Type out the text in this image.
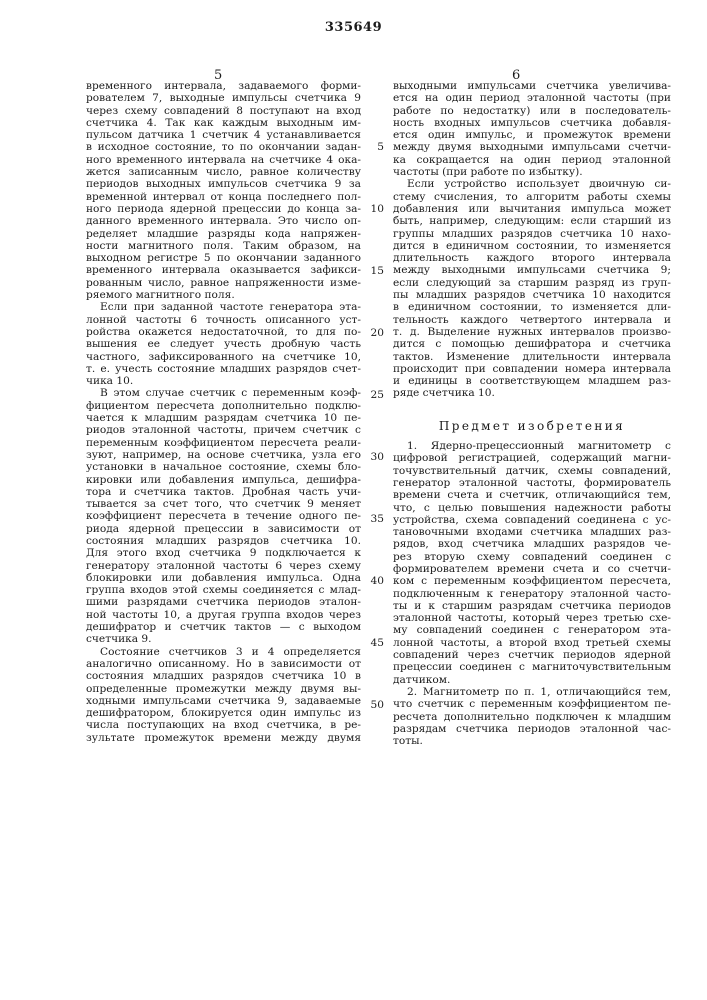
335649
5	6
временного интервала, задаваемого форми-
рователем 7, выходные импульсы счетчика 9
через схему совпадений 8 поступают на вход
счетчика 4. Так как каждым выходным им-
пульсом датчика 1 счетчик 4 устанавливается
в исходное состояние, то по окончании задан-
ного временного интервала на счетчике 4 ока-
жется записанным число, равное количеству
периодов выходных импульсов счетчика 9 за
временной интервал от конца последнего пол-
ного периода ядерной прецессии до конца за-
данного временного интервала. Это число оп-
ределяет младшие разряды кода напряжен-
ности магнитного поля. Таким образом, на
выходном регистре 5 по окончании заданного
временного интервала оказывается зафикси-
рованным число, равное напряженности изме-
ряемого магнитного поля.
Если при заданной частоте генератора эта-
лонной частоты 6 точность описанного уст-
ройства окажется недостаточной, то для по-
вышения ее следует учесть дробную часть
частного, зафиксированного на счетчике 10,
т. е. учесть состояние младших разрядов счет-
чика 10.
В этом случае счетчик с переменным коэф-
фициентом пересчета дополнительно подклю-
чается к младшим разрядам счетчика 10 пе-
риодов эталонной частоты, причем счетчик с
переменным коэффициентом пересчета реали-
зуют, например, на основе счетчика, узла его
установки в начальное состояние, схемы бло-
кировки или добавления импульса, дешифра-
тора и счетчика тактов. Дробная часть учи-
тывается за счет того, что счетчик 9 меняет
коэффициент пересчета в течение одного пе-
риода ядерной прецессии в зависимости от
состояния младших разрядов счетчика 10.
Для этого вход счетчика 9 подключается к
генератору эталонной частоты 6 через схему
блокировки или добавления импульса. Одна
группа входов этой схемы соединяется с млад-
шими разрядами счетчика периодов эталон-
ной частоты 10, а другая группа входов через
дешифратор и счетчик тактов — с выходом
счетчика 9.
Состояние счетчиков 3 и 4 определяется
аналогично описанному. Но в зависимости от
состояния младших разрядов счетчика 10 в
определенные промежутки между двумя вы-
ходными импульсами счетчика 9, задаваемые
дешифратором, блокируется один импульс из
числа поступающих на вход счетчика, в ре-
зультате промежуток времени между двумя
выходными импульсами счетчика увеличива-
ется на один период эталонной частоты (при
работе по недостатку) или в последователь-
ность входных импульсов счетчика добавля-
ется один импульс, и промежуток времени
между двумя выходными импульсами счетчи-
ка сокращается на один период эталонной
частоты (при работе по избытку).
Если устройство использует двоичную си-
стему счисления, то алгоритм работы схемы
добавления или вычитания импульса может
быть, например, следующим: если старший из
группы младших разрядов счетчика 10 нахо-
дится в единичном состоянии, то изменяется
длительность каждого второго интервала
между выходными импульсами счетчика 9;
если следующий за старшим разряд из груп-
пы младших разрядов счетчика 10 находится
в единичном состоянии, то изменяется дли-
тельность каждого четвертого интервала и
т. д. Выделение нужных интервалов произво-
дится с помощью дешифратора и счетчика
тактов. Изменение длительности интервала
происходит при совпадении номера интервала
и единицы в соответствующем младшем раз-
ряде счетчика 10.
Предмет изобретения
1. Ядерно-прецессионный магнитометр с
цифровой регистрацией, содержащий магни-
точувствительный датчик, схемы совпадений,
генератор эталонной частоты, формирователь
времени счета и счетчик, отличающийся тем,
что, с целью повышения надежности работы
устройства, схема совпадений соединена с ус-
тановочными входами счетчика младших раз-
рядов, вход счетчика младших разрядов че-
рез вторую схему совпадений соединен с
формирователем времени счета и со счетчи-
ком с переменным коэффициентом пересчета,
подключенным к генератору эталонной часто-
ты и к старшим разрядам счетчика периодов
эталонной частоты, который через третью схе-
му совпадений соединен с генератором эта-
лонной частоты, а второй вход третьей схемы
совпадений через счетчик периодов ядерной
прецессии соединен с магниточувствительным
датчиком.
2. Магнитометр по п. 1, отличающийся тем,
что счетчик с переменным коэффициентом пе-
ресчета дополнительно подключен к младшим
разрядам счетчика периодов эталонной час-
тоты.
5
10
15
20
25
30
35
40
45
50
